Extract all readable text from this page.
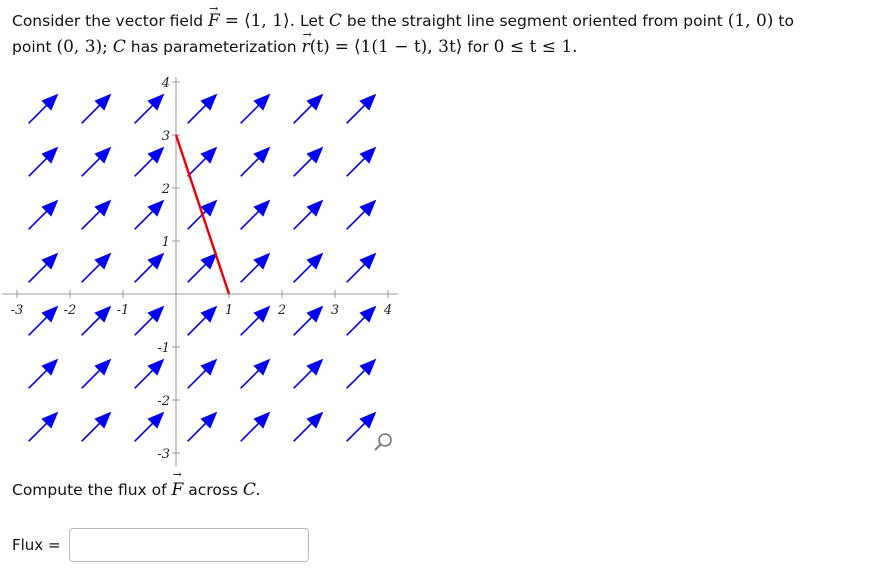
Consider the vector field → F = ⟨1, 1⟩. Let C be the straight line segment oriented from point (1, 0) to
point (0, 3); C has parameterization → r(t) = ⟨1(1 − t), 3t⟩ for 0 ≤ t ≤ 1.
-3	-2	-1	1	2	3	4
4
3
2
1
-1
-2
-3
Compute the flux of → F across C.
Flux =
